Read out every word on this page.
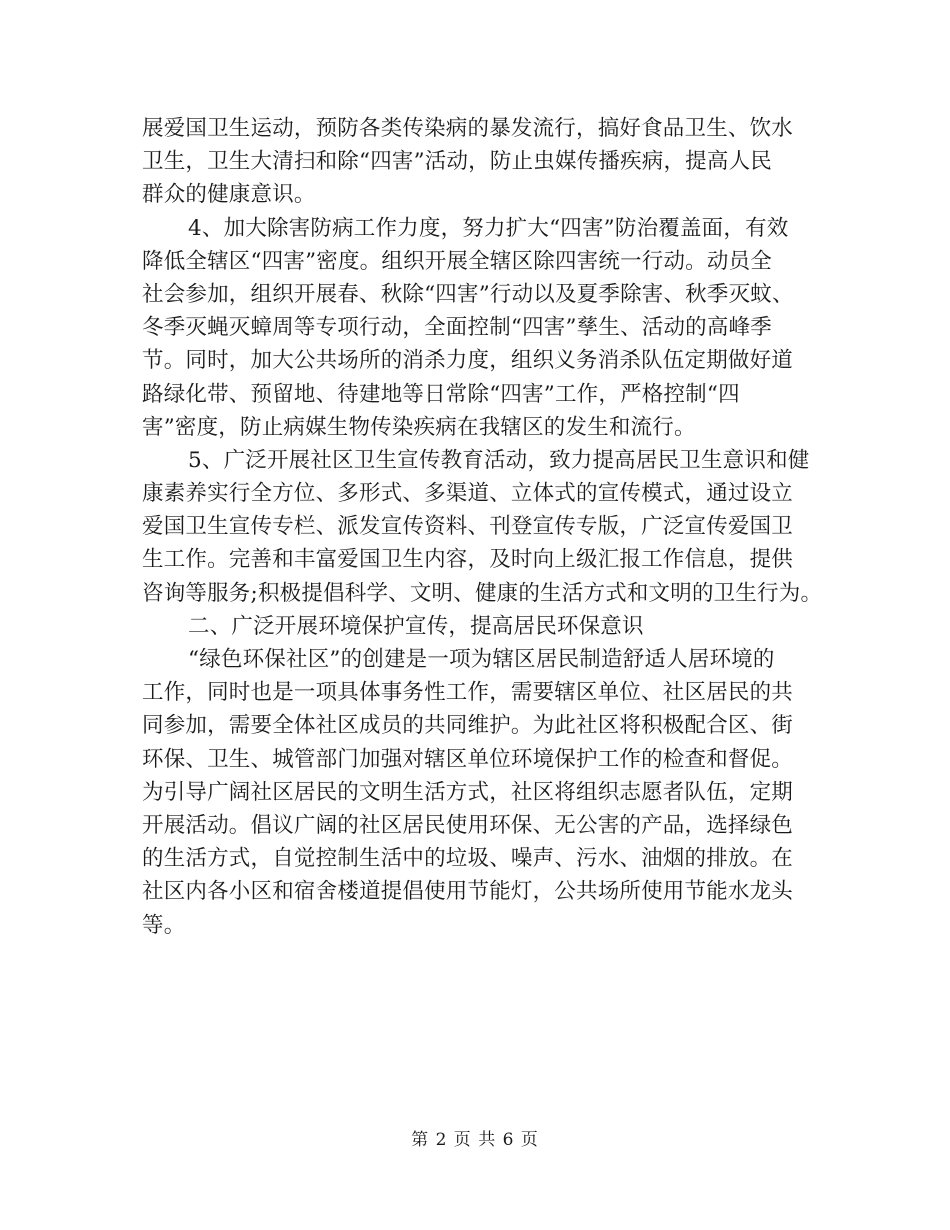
展爱国卫生运动，预防各类传染病的暴发流行，搞好食品卫生、饮水
卫生，卫生大清扫和除“四害”活动，防止虫媒传播疾病，提高人民
群众的健康意识。
4、加大除害防病工作力度，努力扩大“四害”防治覆盖面，有效
降低全辖区“四害”密度。组织开展全辖区除四害统一行动。动员全
社会参加，组织开展春、秋除“四害”行动以及夏季除害、秋季灭蚊、
冬季灭蝇灭蟑周等专项行动，全面控制“四害”孳生、活动的高峰季
节。同时，加大公共场所的消杀力度，组织义务消杀队伍定期做好道
路绿化带、预留地、待建地等日常除“四害”工作，严格控制“四
害”密度，防止病媒生物传染疾病在我辖区的发生和流行。
5、广泛开展社区卫生宣传教育活动，致力提高居民卫生意识和健
康素养实行全方位、多形式、多渠道、立体式的宣传模式，通过设立
爱国卫生宣传专栏、派发宣传资料、刊登宣传专版，广泛宣传爱国卫
生工作。完善和丰富爱国卫生内容，及时向上级汇报工作信息，提供
咨询等服务;积极提倡科学、文明、健康的生活方式和文明的卫生行为。
二、广泛开展环境保护宣传，提高居民环保意识
“绿色环保社区”的创建是一项为辖区居民制造舒适人居环境的
工作，同时也是一项具体事务性工作，需要辖区单位、社区居民的共
同参加，需要全体社区成员的共同维护。为此社区将积极配合区、街
环保、卫生、城管部门加强对辖区单位环境保护工作的检查和督促。
为引导广阔社区居民的文明生活方式，社区将组织志愿者队伍，定期
开展活动。倡议广阔的社区居民使用环保、无公害的产品，选择绿色
的生活方式，自觉控制生活中的垃圾、噪声、污水、油烟的排放。在
社区内各小区和宿舍楼道提倡使用节能灯，公共场所使用节能水龙头
等。
第 2 页 共 6 页
